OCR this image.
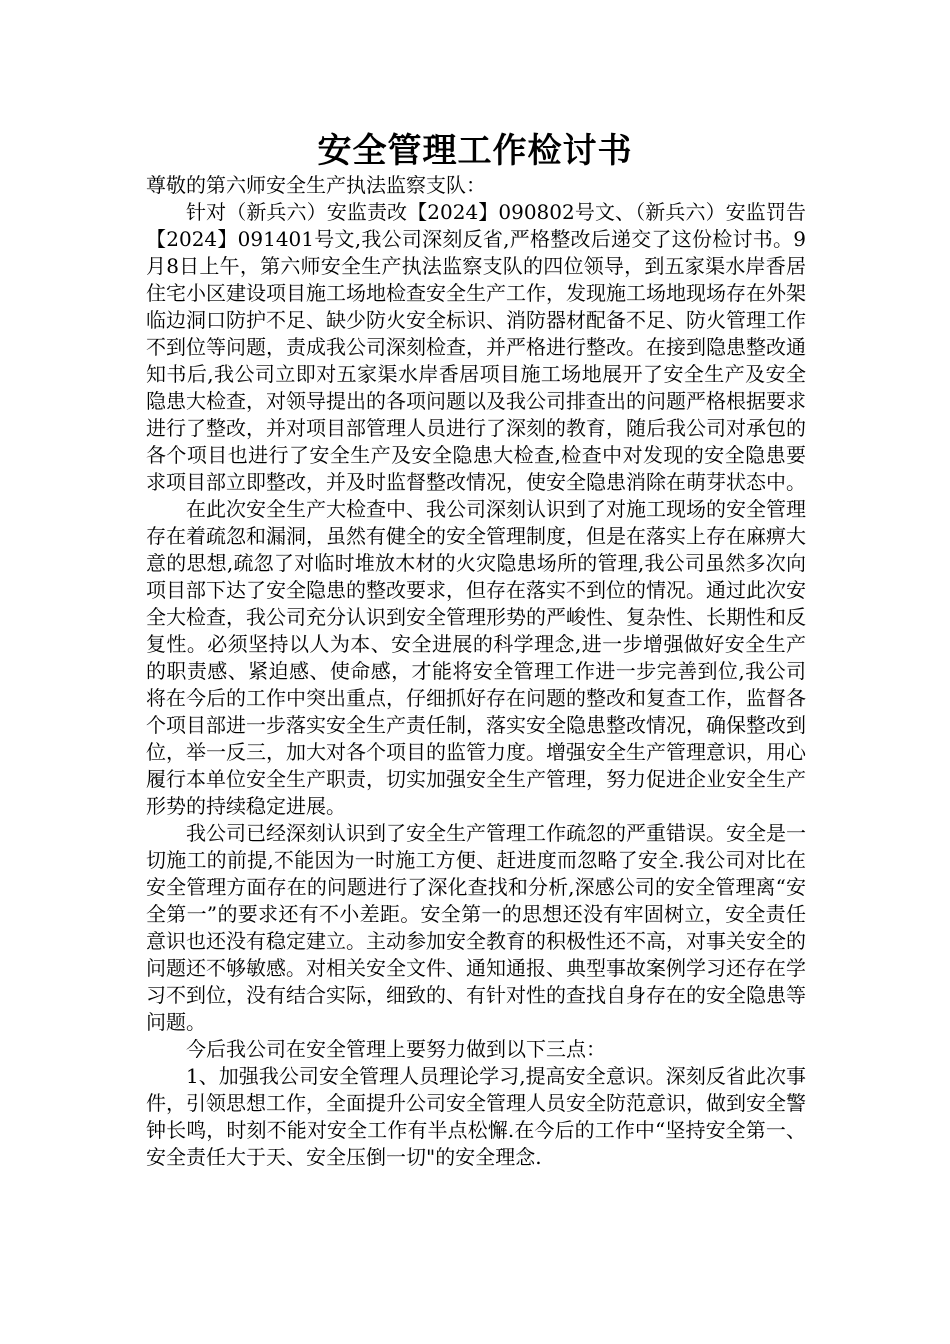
安全管理工作检讨书

尊敬的第六师安全生产执法监察支队：

针对（新兵六）安监责改【2024】090802号文、（新兵六）安监罚告【2024】091401号文,我公司深刻反省,严格整改后递交了这份检讨书。9月8日上午，第六师安全生产执法监察支队的四位领导，到五家渠水岸香居住宅小区建设项目施工场地检查安全生产工作，发现施工场地现场存在外架临边洞口防护不足、缺少防火安全标识、消防器材配备不足、防火管理工作不到位等问题，责成我公司深刻检查，并严格进行整改。在接到隐患整改通知书后,我公司立即对五家渠水岸香居项目施工场地展开了安全生产及安全隐患大检查，对领导提出的各项问题以及我公司排查出的问题严格根据要求进行了整改，并对项目部管理人员进行了深刻的教育，随后我公司对承包的各个项目也进行了安全生产及安全隐患大检查,检查中对发现的安全隐患要求项目部立即整改，并及时监督整改情况，使安全隐患消除在萌芽状态中。

在此次安全生产大检查中、我公司深刻认识到了对施工现场的安全管理存在着疏忽和漏洞，虽然有健全的安全管理制度，但是在落实上存在麻痹大意的思想,疏忽了对临时堆放木材的火灾隐患场所的管理,我公司虽然多次向项目部下达了安全隐患的整改要求，但存在落实不到位的情况。通过此次安全大检查，我公司充分认识到安全管理形势的严峻性、复杂性、长期性和反复性。必须坚持以人为本、安全进展的科学理念,进一步增强做好安全生产的职责感、紧迫感、使命感，才能将安全管理工作进一步完善到位,我公司将在今后的工作中突出重点，仔细抓好存在问题的整改和复查工作，监督各个项目部进一步落实安全生产责任制，落实安全隐患整改情况，确保整改到位，举一反三，加大对各个项目的监管力度。增强安全生产管理意识，用心履行本单位安全生产职责，切实加强安全生产管理，努力促进企业安全生产形势的持续稳定进展。

我公司已经深刻认识到了安全生产管理工作疏忽的严重错误。安全是一切施工的前提,不能因为一时施工方便、赶进度而忽略了安全.我公司对比在安全管理方面存在的问题进行了深化查找和分析,深感公司的安全管理离“安全第一”的要求还有不小差距。安全第一的思想还没有牢固树立，安全责任意识也还没有稳定建立。主动参加安全教育的积极性还不高，对事关安全的问题还不够敏感。对相关安全文件、通知通报、典型事故案例学习还存在学习不到位，没有结合实际，细致的、有针对性的查找自身存在的安全隐患等问题。

今后我公司在安全管理上要努力做到以下三点：

1、加强我公司安全管理人员理论学习,提高安全意识。深刻反省此次事件，引领思想工作，全面提升公司安全管理人员安全防范意识，做到安全警钟长鸣，时刻不能对安全工作有半点松懈.在今后的工作中“坚持安全第一、安全责任大于天、安全压倒一切"的安全理念.
